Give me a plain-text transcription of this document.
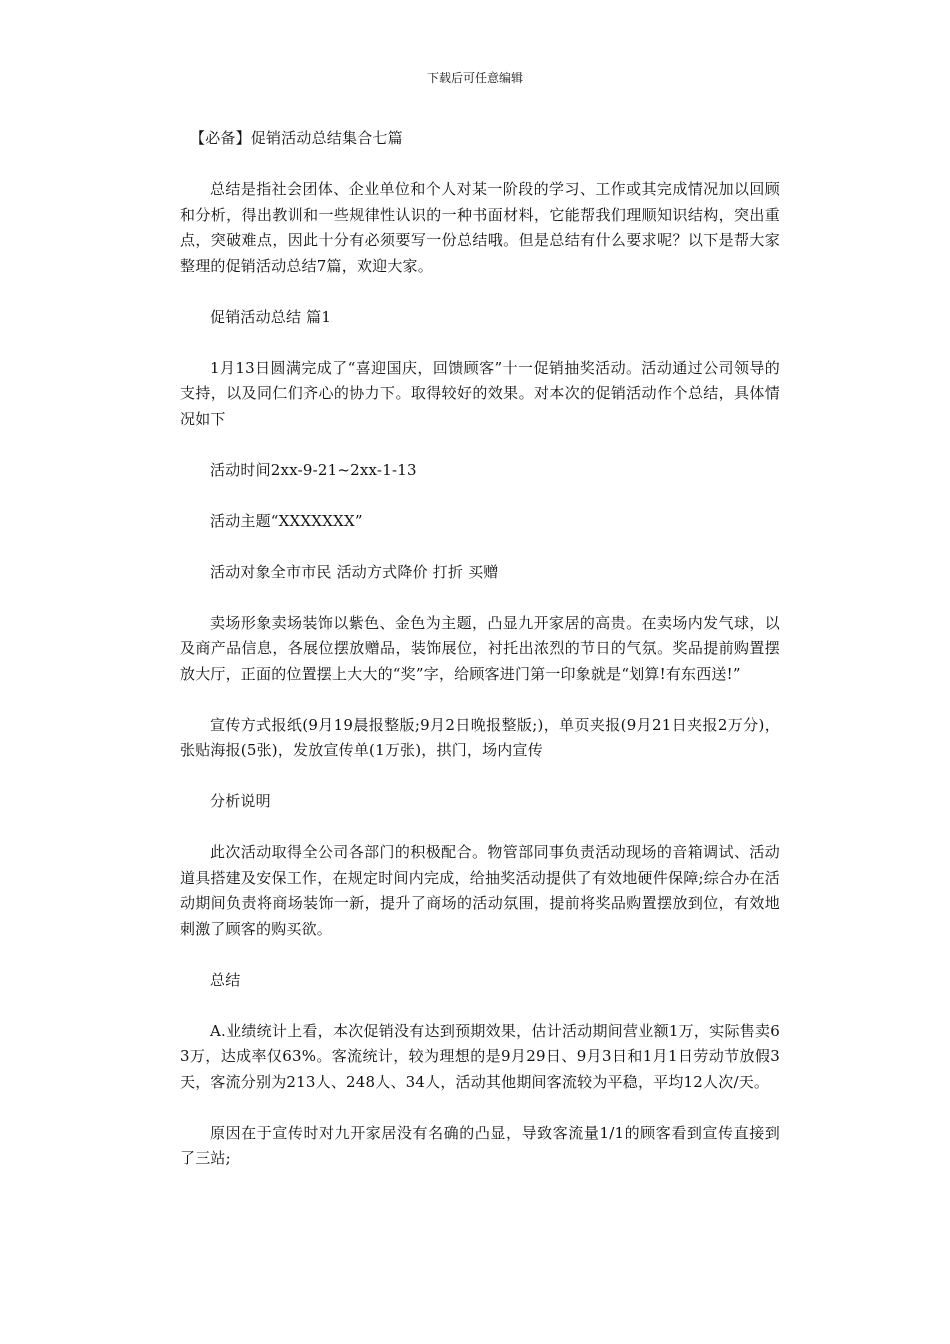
下载后可任意编辑
【必备】促销活动总结集合七篇

总结是指社会团体、企业单位和个人对某一阶段的学习、工作或其完成情况加以回顾和分析，得出教训和一些规律性认识的一种书面材料，它能帮我们理顺知识结构，突出重点，突破难点，因此十分有必须要写一份总结哦。但是总结有什么要求呢？以下是帮大家整理的促销活动总结7篇，欢迎大家。

促销活动总结 篇1

1月13日圆满完成了“喜迎国庆，回馈顾客”十一促销抽奖活动。活动通过公司领导的支持，以及同仁们齐心的协力下。取得较好的效果。对本次的促销活动作个总结，具体情况如下

活动时间2xx-9-21~2xx-1-13

活动主题“XXXXXXX”

活动对象全市市民 活动方式降价 打折 买赠

卖场形象卖场装饰以紫色、金色为主题，凸显九开家居的高贵。在卖场内发气球，以及商产品信息，各展位摆放赠品，装饰展位，衬托出浓烈的节日的气氛。奖品提前购置摆放大厅，正面的位置摆上大大的“奖”字，给顾客进门第一印象就是“划算!有东西送!”

宣传方式报纸(9月19晨报整版;9月2日晚报整版;)，单页夹报(9月21日夹报2万分)，张贴海报(5张)，发放宣传单(1万张)，拱门，场内宣传

分析说明

此次活动取得全公司各部门的积极配合。物管部同事负责活动现场的音箱调试、活动道具搭建及安保工作，在规定时间内完成，给抽奖活动提供了有效地硬件保障;综合办在活动期间负责将商场装饰一新，提升了商场的活动氛围，提前将奖品购置摆放到位，有效地刺激了顾客的购买欲。

总结

A.业绩统计上看，本次促销没有达到预期效果，估计活动期间营业额1万，实际售卖63万，达成率仅63%。客流统计，较为理想的是9月29日、9月3日和1月1日劳动节放假3天，客流分别为213人、248人、34人，活动其他期间客流较为平稳，平均12人次/天。

原因在于宣传时对九开家居没有名确的凸显，导致客流量1/1的顾客看到宣传直接到了三站;
